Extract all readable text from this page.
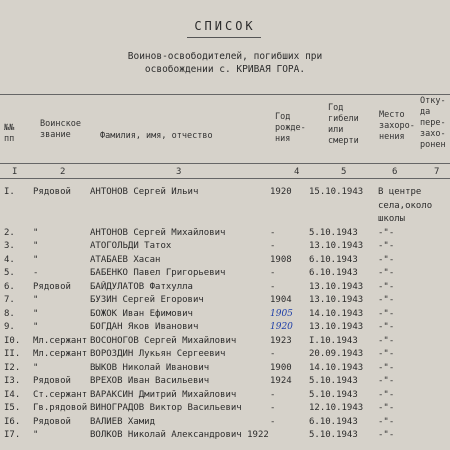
СПИСОК
Воинов-освободителей, погибших при
освобождении с. КРИВАЯ ГОРА.
№№
пп
Воинское
звание	Фамилия, имя, отчество
Год
рожде-
ния
Год
гибели
или
смерти
Место
захоро-
нения
Отку-
да
пере-
захо-
ронен
I	2	3	4	5	6	7
I.	Рядовой	АНТОНОВ Сергей Ильич	1920	15.10.1943	В центре
села,около
школы
2.	"	АНТОНОВ Сергей Михайлович	-	5.10.1943	-"-
3.	"	АТОГОЛЬДИ Татох	-	13.10.1943	-"-
4.	"	АТАБАЕВ Хасан	1908	6.10.1943	-"-
5.	-	БАБЕНКО Павел Григорьевич	-	6.10.1943	-"-
6.	Рядовой	БАЙДУЛАТОВ Фатхулла	-	13.10.1943	-"-
7.	"	БУЗИН Сергей Егорович	1904	13.10.1943	-"-
8.	"	БОЖОК Иван Ефимович	1905	14.10.1943	-"-
9.	"	БОГДАН Яков Иванович	1920	13.10.1943	-"-
I0.	Мл.сержант ВОСОНОГОВ Сергей Михайлович	1923	I.10.1943	-"-
II.	Мл.сержант ВОРОЗДИН Лукьян Сергеевич	-	20.09.1943	-"-
I2.	"	ВЫКОВ Николай Иванович	1900	14.10.1943	-"-
I3.	Рядовой	ВРЕХОВ Иван Васильевич	1924	5.10.1943	-"-
I4.	Ст.сержант ВАРАКСИН Дмитрий Михайлович	-	5.10.1943	-"-
I5.	Гв.рядовой ВИНОГРАДОВ Виктор Васильевич	-	12.10.1943	-"-
I6.	Рядовой	ВАЛИЕВ Хамид	-	6.10.1943	-"-
I7.	"	ВОЛКОВ Николай Александрович 1922	5.10.1943	-"-
